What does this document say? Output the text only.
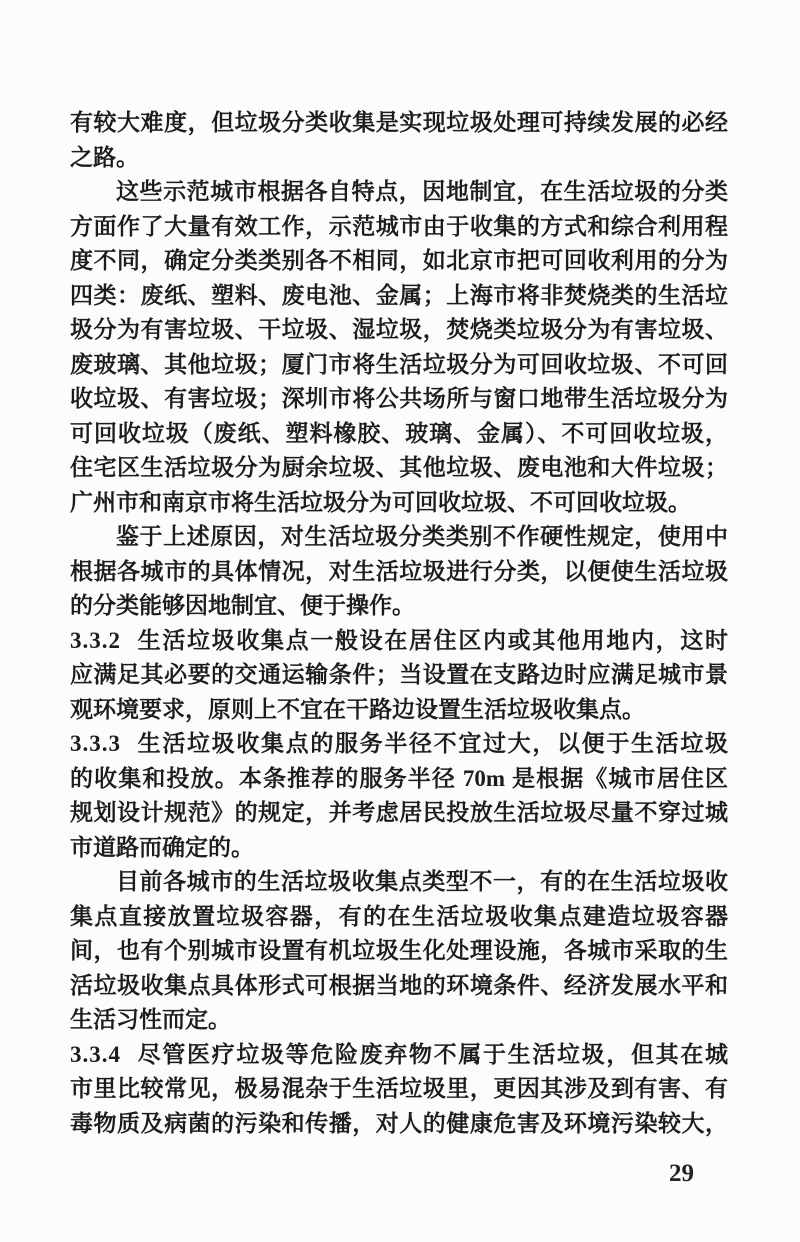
有较大难度，但垃圾分类收集是实现垃圾处理可持续发展的必经
之路。
这些示范城市根据各自特点，因地制宜，在生活垃圾的分类
方面作了大量有效工作，示范城市由于收集的方式和综合利用程
度不同，确定分类类别各不相同，如北京市把可回收利用的分为
四类：废纸、塑料、废电池、金属；上海市将非焚烧类的生活垃
圾分为有害垃圾、干垃圾、湿垃圾，焚烧类垃圾分为有害垃圾、
废玻璃、其他垃圾；厦门市将生活垃圾分为可回收垃圾、不可回
收垃圾、有害垃圾；深圳市将公共场所与窗口地带生活垃圾分为
可回收垃圾（废纸、塑料橡胶、玻璃、金属）、不可回收垃圾，
住宅区生活垃圾分为厨余垃圾、其他垃圾、废电池和大件垃圾；
广州市和南京市将生活垃圾分为可回收垃圾、不可回收垃圾。
鉴于上述原因，对生活垃圾分类类别不作硬性规定，使用中
根据各城市的具体情况，对生活垃圾进行分类，以便使生活垃圾
的分类能够因地制宜、便于操作。
3.3.2 生活垃圾收集点一般设在居住区内或其他用地内，这时
应满足其必要的交通运输条件；当设置在支路边时应满足城市景
观环境要求，原则上不宜在干路边设置生活垃圾收集点。
3.3.3 生活垃圾收集点的服务半径不宜过大，以便于生活垃圾
的收集和投放。本条推荐的服务半径 70m 是根据《城市居住区
规划设计规范》的规定，并考虑居民投放生活垃圾尽量不穿过城
市道路而确定的。
目前各城市的生活垃圾收集点类型不一，有的在生活垃圾收
集点直接放置垃圾容器，有的在生活垃圾收集点建造垃圾容器
间，也有个别城市设置有机垃圾生化处理设施，各城市采取的生
活垃圾收集点具体形式可根据当地的环境条件、经济发展水平和
生活习性而定。
3.3.4 尽管医疗垃圾等危险废弃物不属于生活垃圾，但其在城
市里比较常见，极易混杂于生活垃圾里，更因其涉及到有害、有
毒物质及病菌的污染和传播，对人的健康危害及环境污染较大，
29
